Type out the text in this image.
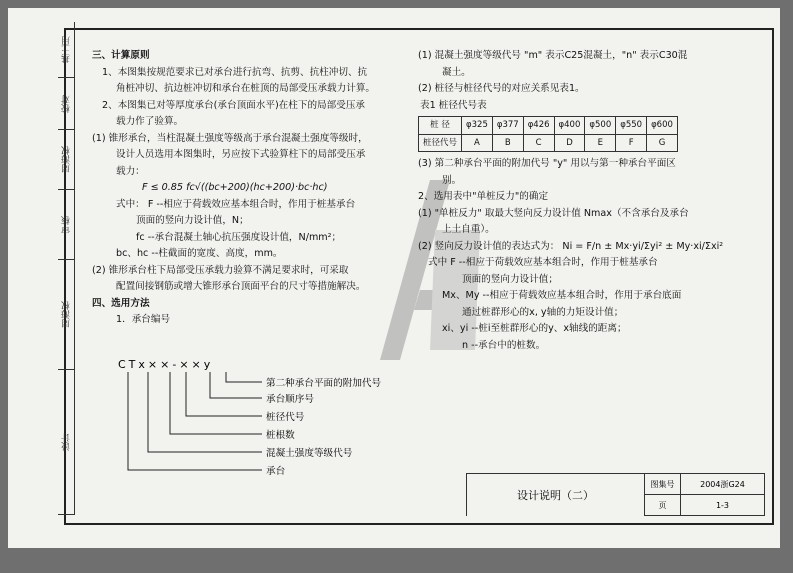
基土用
校对
周海权
审核
周海权
设计
三、计算原则
1、本图集按规范要求已对承台进行抗弯、抗剪、抗柱冲切、抗
角桩冲切、抗边桩冲切和承台在桩顶的局部受压承载力计算。
2、本图集已对等厚度承台(承台顶面水平)在柱下的局部受压承
载力作了验算。
(1) 锥形承台，当柱混凝土强度等级高于承台混凝土强度等级时，
设计人员选用本图集时，另应按下式验算柱下的局部受压承
载力：
F ≤ 0.85 fc√((bc+200)(hc+200)·bc·hc)
式中： F --相应于荷载效应基本组合时，作用于桩基承台
顶面的竖向力设计值，N；
fc --承台混凝土轴心抗压强度设计值，N/mm²；
bc、hc --柱截面的宽度、高度，mm。
(2) 锥形承台柱下局部受压承载力验算不满足要求时，可采取
配置间接钢筋或增大锥形承台顶面平台的尺寸等措施解决。
四、选用方法
1．承台编号
CTx××-××y
第二种承台平面的附加代号
承台顺序号
桩径代号
桩根数
混凝土强度等级代号
承台
(1) 混凝土强度等级代号 "m" 表示C25混凝土，"n" 表示C30混
凝土。
(2) 桩径与桩径代号的对应关系见表1。
表1 桩径代号表
桩 径	φ325	φ377	φ426	φ400	φ500	φ550	φ600
桩径代号	A	B	C	D	E	F	G
(3) 第二种承台平面的附加代号 "y" 用以与第一种承台平面区
别。
2、选用表中"单桩反力"的确定
(1) "单桩反力" 取最大竖向反力设计值 Nmax（不含承台及承台
上土自重）。
(2) 竖向反力设计值的表达式为： Ni = F/n ± Mx·yi/Σyi² ± My·xi/Σxi²
式中 F --相应于荷载效应基本组合时，作用于桩基承台
顶面的竖向力设计值；
Mx、My --相应于荷载效应基本组合时，作用于承台底面
通过桩群形心的x, y轴的力矩设计值；
xi、yi --桩i至桩群形心的y、x轴线的距离；
n --承台中的桩数。
设计说明（二）
图集号	2004浙G24
页	1-3
